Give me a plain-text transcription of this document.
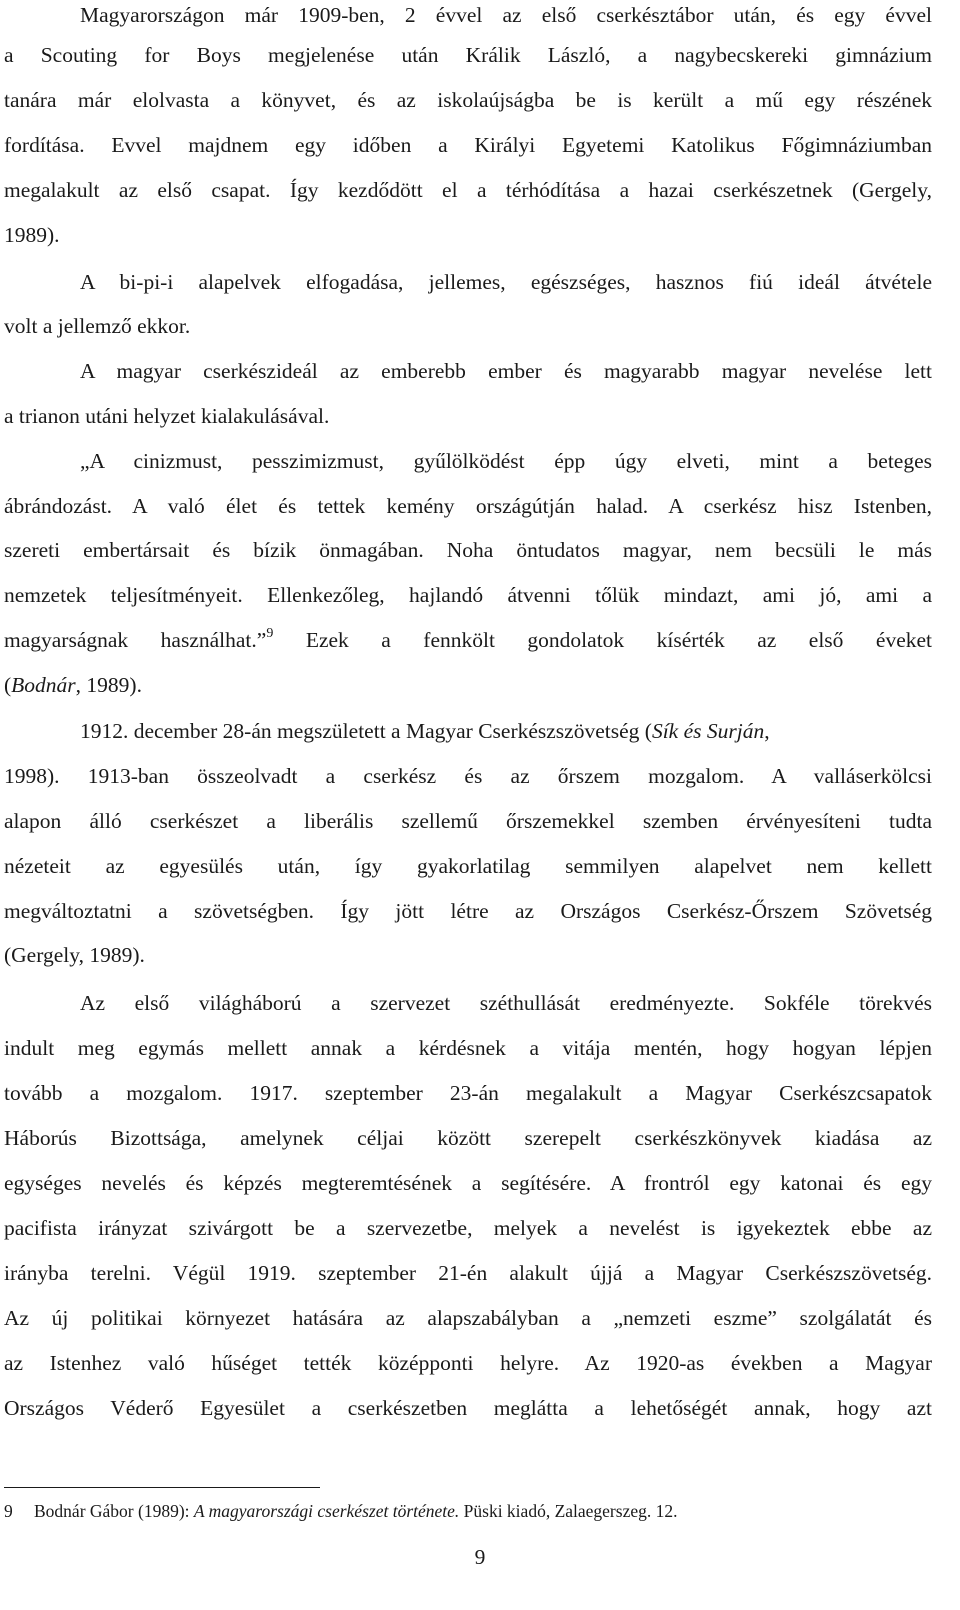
Magyarországon már 1909-ben, 2 évvel az első cserkésztábor után, és egy évvel
a Scouting for Boys megjelenése után Králik László, a nagybecskereki gimnázium
tanára már elolvasta a könyvet, és az iskolaújságba be is került a mű egy részének
fordítása. Evvel majdnem egy időben a Királyi Egyetemi Katolikus Főgimnáziumban
megalakult az első csapat. Így kezdődött el a térhódítása a hazai cserkészetnek (Gergely,
1989).
A bi-pi-i alapelvek elfogadása, jellemes, egészséges, hasznos fiú ideál átvétele
volt a jellemző ekkor.
A magyar cserkészideál az emberebb ember és magyarabb magyar nevelése lett
a trianon utáni helyzet kialakulásával.
„A cinizmust, pesszimizmust, gyűlölködést épp úgy elveti, mint a beteges
ábrándozást. A való élet és tettek kemény országútján halad. A cserkész hisz Istenben,
szereti embertársait és bízik önmagában. Noha öntudatos magyar, nem becsüli le más
nemzetek teljesítményeit. Ellenkezőleg, hajlandó átvenni tőlük mindazt, ami jó, ami a
magyarságnak használhat.”$^9$ Ezek a fennkölt gondolatok kísérték az első éveket
(Bodnár, 1989).
1912. december 28-án megszületett a Magyar Cserkészszövetség (Sík és Surján,
1998). 1913-ban összeolvadt a cserkész és az őrszem mozgalom. A valláserkölcsi
alapon álló cserkészet a liberális szellemű őrszemekkel szemben érvényesíteni tudta
nézeteit az egyesülés után, így gyakorlatilag semmilyen alapelvet nem kellett
megváltoztatni a szövetségben. Így jött létre az Országos Cserkész-Őrszem Szövetség
(Gergely, 1989).
Az első világháború a szervezet széthullását eredményezte. Sokféle törekvés
indult meg egymás mellett annak a kérdésnek a vitája mentén, hogy hogyan lépjen
tovább a mozgalom. 1917. szeptember 23-án megalakult a Magyar Cserkészcsapatok
Háborús Bizottsága, amelynek céljai között szerepelt cserkészkönyvek kiadása az
egységes nevelés és képzés megteremtésének a segítésére. A frontról egy katonai és egy
pacifista irányzat szivárgott be a szervezetbe, melyek a nevelést is igyekeztek ebbe az
irányba terelni. Végül 1919. szeptember 21-én alakult újjá a Magyar Cserkészszövetség.
Az új politikai környezet hatására az alapszabályban a „nemzeti eszme” szolgálatát és
az Istenhez való hűséget tették középponti helyre. Az 1920-as években a Magyar
Országos Véderő Egyesület a cserkészetben meglátta a lehetőségét annak, hogy azt
9 Bodnár Gábor (1989): A magyarországi cserkészet története. Püski kiadó, Zalaegerszeg. 12.
9
